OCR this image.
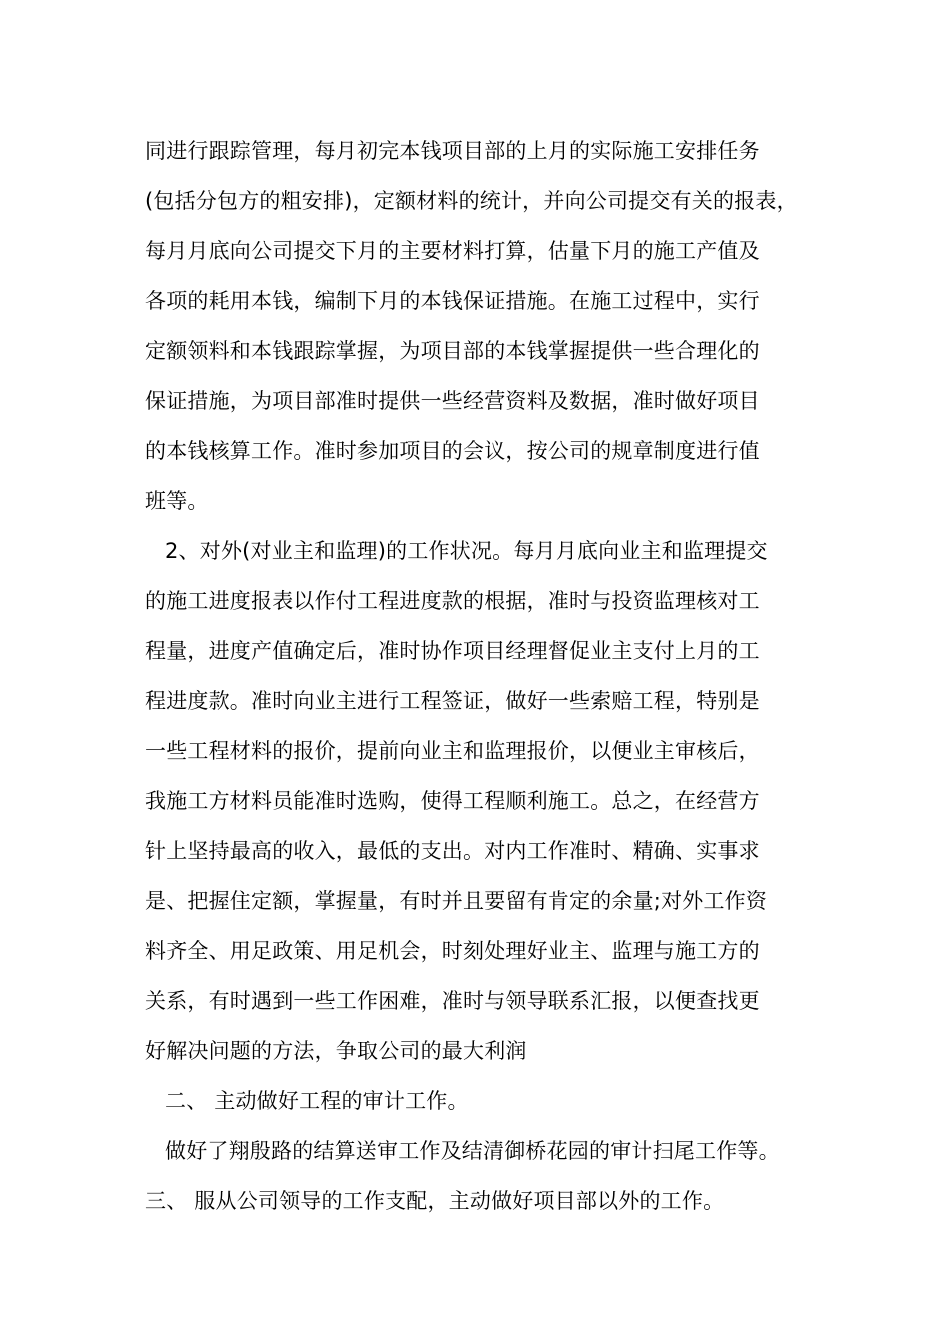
同进行跟踪管理，每月初完本钱项目部的上月的实际施工安排任务
(包括分包方的粗安排)，定额材料的统计，并向公司提交有关的报表，
每月月底向公司提交下月的主要材料打算，估量下月的施工产值及
各项的耗用本钱，编制下月的本钱保证措施。在施工过程中，实行
定额领料和本钱跟踪掌握，为项目部的本钱掌握提供一些合理化的
保证措施，为项目部准时提供一些经营资料及数据，准时做好项目
的本钱核算工作。准时参加项目的会议，按公司的规章制度进行值
班等。
2、对外(对业主和监理)的工作状况。每月月底向业主和监理提交
的施工进度报表以作付工程进度款的根据，准时与投资监理核对工
程量，进度产值确定后，准时协作项目经理督促业主支付上月的工
程进度款。准时向业主进行工程签证，做好一些索赔工程，特别是
一些工程材料的报价，提前向业主和监理报价，以便业主审核后，
我施工方材料员能准时选购，使得工程顺利施工。总之，在经营方
针上坚持最高的收入，最低的支出。对内工作准时、精确、实事求
是、把握住定额，掌握量，有时并且要留有肯定的余量;对外工作资
料齐全、用足政策、用足机会，时刻处理好业主、监理与施工方的
关系，有时遇到一些工作困难，准时与领导联系汇报，以便查找更
好解决问题的方法，争取公司的最大利润
二、 主动做好工程的审计工作。
做好了翔殷路的结算送审工作及结清御桥花园的审计扫尾工作等。
三、 服从公司领导的工作支配，主动做好项目部以外的工作。
